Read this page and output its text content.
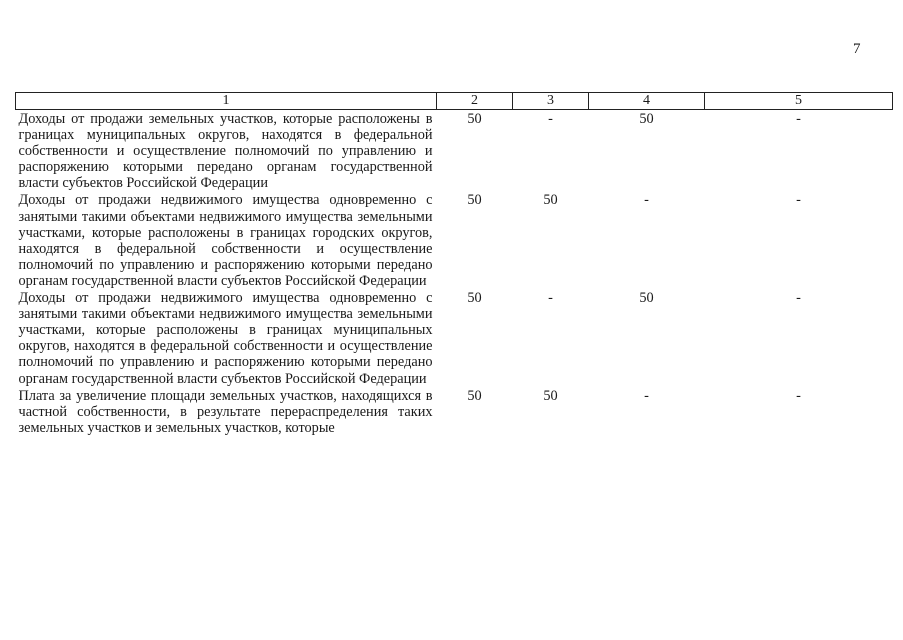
7
1	2	3	4	5
Доходы от продажи земельных участков, которые расположены в границах муниципальных округов, находятся в федеральной собственности и осуществление полномочий по управлению и распоряжению которыми передано органам государственной власти субъектов Российской Федерации	50	-	50	-
Доходы от продажи недвижимого имущества одновременно с занятыми такими объектами недвижимого имущества земельными участками, которые расположены в границах городских округов, находятся в федеральной собственности и осуществление полномочий по управлению и распоряжению которыми передано органам государственной власти субъектов Российской Федерации	50	50	-	-
Доходы от продажи недвижимого имущества одновременно с занятыми такими объектами недвижимого имущества земельными участками, которые расположены в границах муниципальных округов, находятся в федеральной собственности и осуществление полномочий по управлению и распоряжению которыми передано органам государственной власти субъектов Российской Федерации	50	-	50	-
Плата за увеличение площади земельных участков, находящихся в частной собственности, в результате перераспределения таких земельных участков и земельных участков, которые	50	50	-	-
